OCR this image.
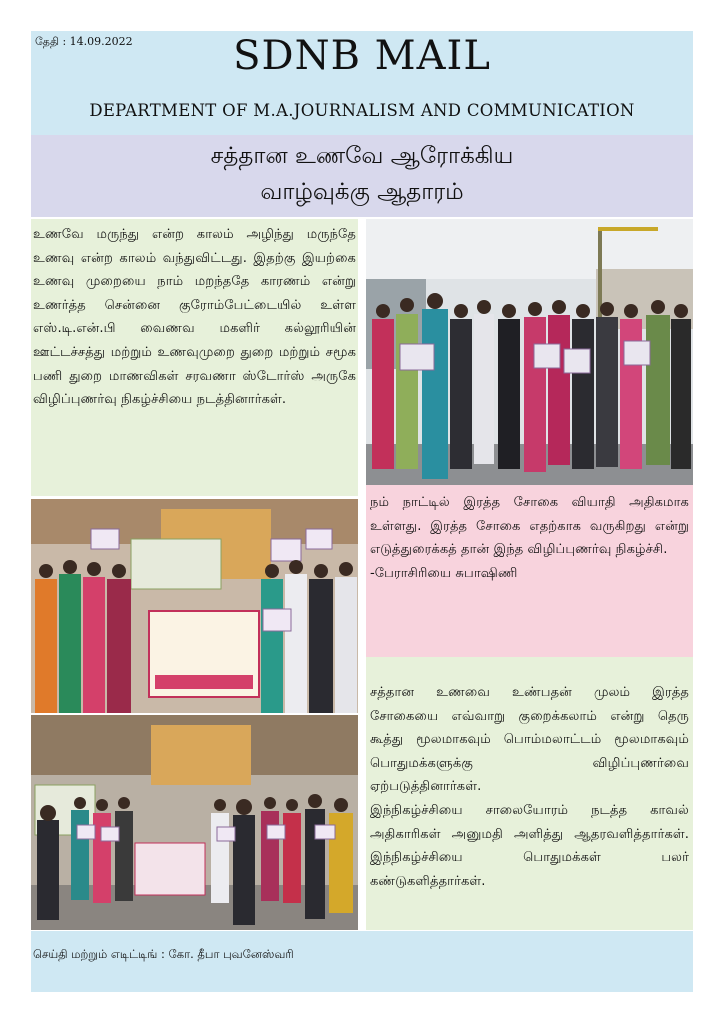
தேதி : 14.09.2022	SDNB MAIL
DEPARTMENT OF M.A.JOURNALISM AND COMMUNICATION
சத்தான உணவே ஆரோக்கிய
வாழ்வுக்கு ஆதாரம்
உணவே மருந்து என்ற காலம் அழிந்து மருந்தே உணவு என்ற காலம் வந்துவிட்டது. இதற்கு இயற்கை உணவு முறையை நாம் மறந்ததே காரணம் என்று உணர்த்த சென்னை குரோம்பேட்டையில் உள்ள எஸ்.டி.என்.பி வைணவ மகளிர் கல்லூரியின் ஊட்டச்சத்து மற்றும் உணவுமுறை துறை மற்றும் சமூக பணி துறை மாணவிகள் சரவணா ஸ்டோர்ஸ் அருகே விழிப்புணர்வு நிகழ்ச்சியை நடத்தினார்கள்.
நம் நாட்டில் இரத்த சோகை வியாதி அதிகமாக உள்ளது. இரத்த சோகை எதற்காக வருகிறது என்று எடுத்துரைக்கத் தான் இந்த விழிப்புணர்வு நிகழ்ச்சி.
-பேராசிரியை சுபாஷிணி

சத்தான உணவை உண்பதன் முலம் இரத்த சோகையை எவ்வாறு குறைக்கலாம் என்று தெரு கூத்து மூலமாகவும் பொம்மலாட்டம் மூலமாகவும் பொதுமக்களுக்கு விழிப்புணர்வை ஏற்படுத்தினார்கள்.

இந்நிகழ்ச்சியை சாலையோரம் நடத்த காவல் அதிகாரிகள் அனுமதி அளித்து ஆதரவளித்தார்கள். இந்நிகழ்ச்சியை பொதுமக்கள் பலர் கண்டுகளித்தார்கள்.

செய்தி மற்றும் எடிட்டிங் : கோ. தீபா புவனேஸ்வரி
